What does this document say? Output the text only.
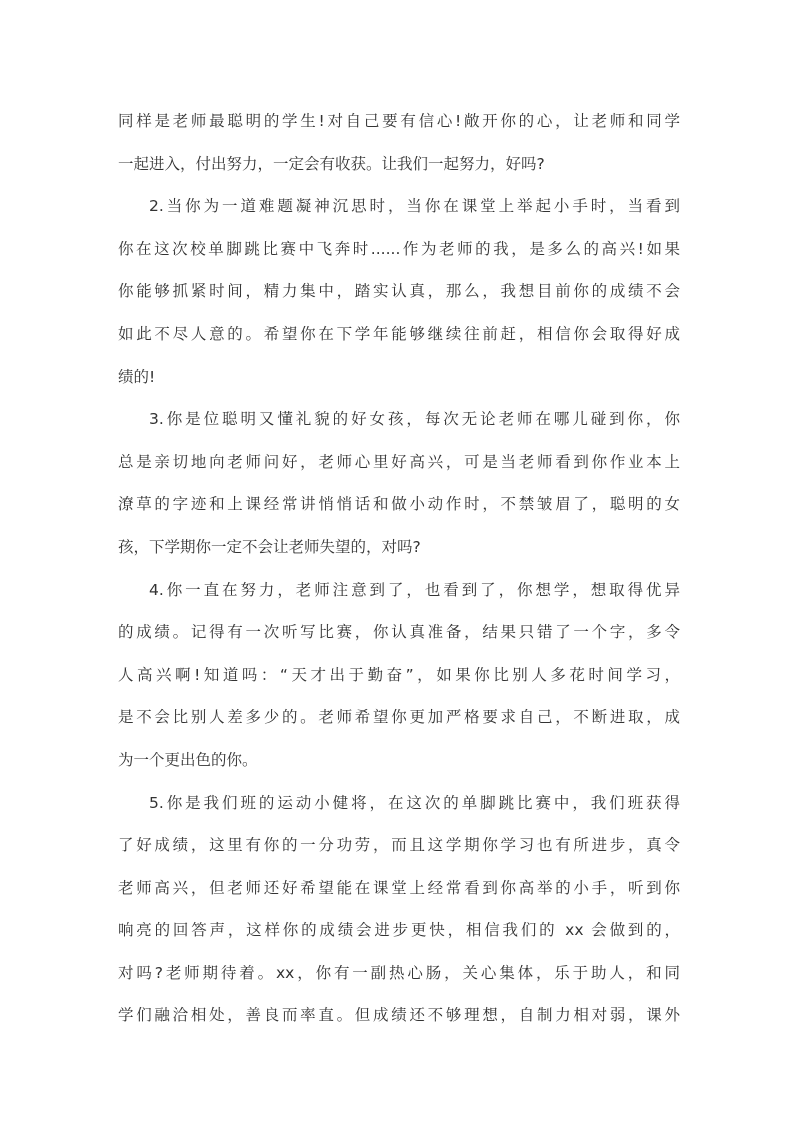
同样是老师最聪明的学生!对自己要有信心!敞开你的心，让老师和同学
一起进入，付出努力，一定会有收获。让我们一起努力，好吗?
2.当你为一道难题凝神沉思时，当你在课堂上举起小手时，当看到
你在这次校单脚跳比赛中飞奔时......作为老师的我，是多么的高兴!如果
你能够抓紧时间，精力集中，踏实认真，那么，我想目前你的成绩不会
如此不尽人意的。希望你在下学年能够继续往前赶，相信你会取得好成
绩的!
3.你是位聪明又懂礼貌的好女孩，每次无论老师在哪儿碰到你，你
总是亲切地向老师问好，老师心里好高兴，可是当老师看到你作业本上
潦草的字迹和上课经常讲悄悄话和做小动作时，不禁皱眉了，聪明的女
孩，下学期你一定不会让老师失望的，对吗?
4.你一直在努力，老师注意到了，也看到了，你想学，想取得优异
的成绩。记得有一次听写比赛，你认真准备，结果只错了一个字，多令
人高兴啊!知道吗：“天才出于勤奋”，如果你比别人多花时间学习，
是不会比别人差多少的。老师希望你更加严格要求自己，不断进取，成
为一个更出色的你。
5.你是我们班的运动小健将，在这次的单脚跳比赛中，我们班获得
了好成绩，这里有你的一分功劳，而且这学期你学习也有所进步，真令
老师高兴，但老师还好希望能在课堂上经常看到你高举的小手，听到你
响亮的回答声，这样你的成绩会进步更快，相信我们的 xx 会做到的，
对吗?老师期待着。xx，你有一副热心肠，关心集体，乐于助人，和同
学们融洽相处，善良而率直。但成绩还不够理想，自制力相对弱，课外
